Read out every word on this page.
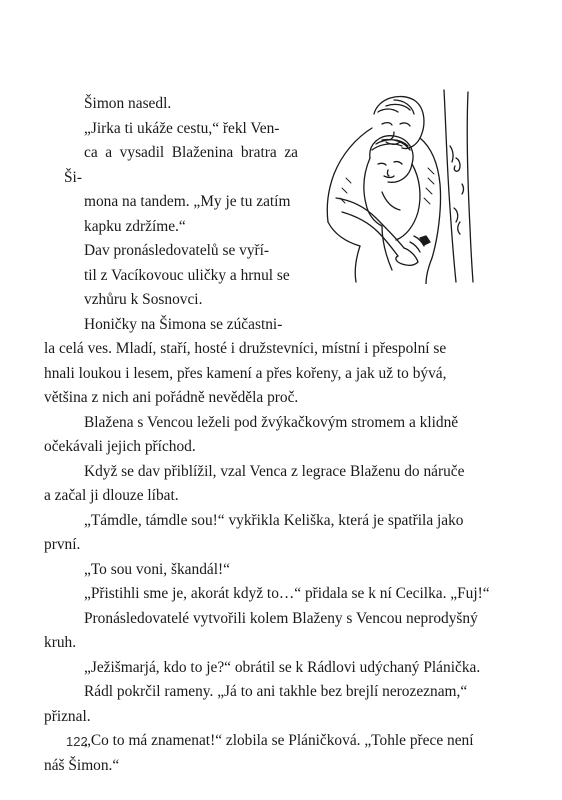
Šimon nasedl.

„Jirka ti ukáže cestu,“ řekl Ven-
ca a vysadil Blaženina bratra za Ši-
mona na tandem. „My je tu zatím
kapku zdržíme.“

Dav pronásledovatelů se vyří-
til z Vacíkovouc uličky a hrnul se
vzhůru k Sosnovci.

Honičky na Šimona se zúčastni-
la celá ves. Mladí, staří, hosté i družstevníci, místní i přespolní se
hnali loukou i lesem, přes kamení a přes kořeny, a jak už to bývá,
většina z nich ani pořádně nevěděla proč.

Blažena s Vencou leželi pod žvýkačkovým stromem a klidně
očekávali jejich příchod.

Když se dav přiblížil, vzal Venca z legrace Blaženu do náruče
a začal ji dlouze líbat.

„Támdle, támdle sou!“ vykřikla Keliška, která je spatřila jako
první.

„To sou voni, škandál!“

„Přistihli sme je, akorát když to…“ přidala se k ní Cecilka. „Fuj!“

Pronásledovatelé vytvořili kolem Blaženy s Vencou neprodyšný
kruh.

„Ježišmarjá, kdo to je?“ obrátil se k Rádlovi udýchaný Plánička.

Rádl pokrčil rameny. „Já to ani takhle bez brejlí nerozeznam,“
přiznal.

„Co to má znamenat!“ zlobila se Pláničková. „Tohle přece není
náš Šimon.“

122
